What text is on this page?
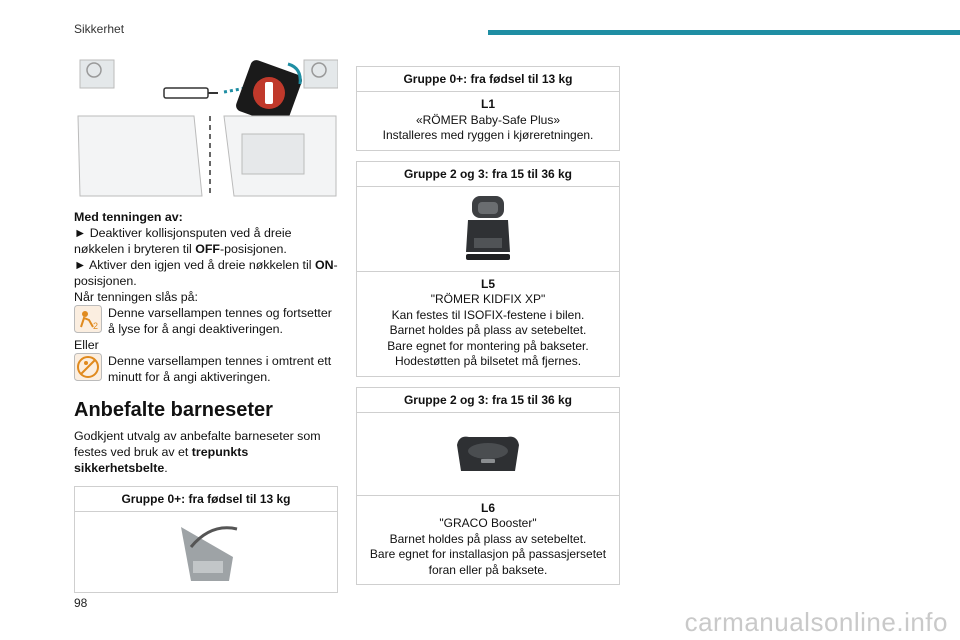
Sikkerhet

Med tenningen av:

► Deaktiver kollisjonsputen ved å dreie nøkkelen i bryteren til OFF-posisjonen.

► Aktiver den igjen ved å dreie nøkkelen til ON-posisjonen.

Når tenningen slås på:

2
Denne varsellampen tennes og fortsetter å lyse for å angi deaktiveringen.

Eller

Denne varsellampen tennes i omtrent ett minutt for å angi aktiveringen.
Anbefalte barneseter

Godkjent utvalg av anbefalte barneseter som festes ved bruk av et trepunkts sikkerhetsbelte.

Gruppe 0+: fra fødsel til 13 kg
Gruppe 0+: fra fødsel til 13 kg
L1
«RÖMER Baby-Safe Plus»
Installeres med ryggen i kjøreretningen.
Gruppe 2 og 3: fra 15 til 36 kg
L5
"RÖMER KIDFIX XP"
Kan festes til ISOFIX-festene i bilen.
Barnet holdes på plass av setebeltet.
Bare egnet for montering på bakseter.
Hodestøtten på bilsetet må fjernes.
Gruppe 2 og 3: fra 15 til 36 kg
L6
"GRACO Booster"
Barnet holdes på plass av setebeltet.
Bare egnet for installasjon på passasjersetet foran eller på baksete.
98
carmanualsonline.info
